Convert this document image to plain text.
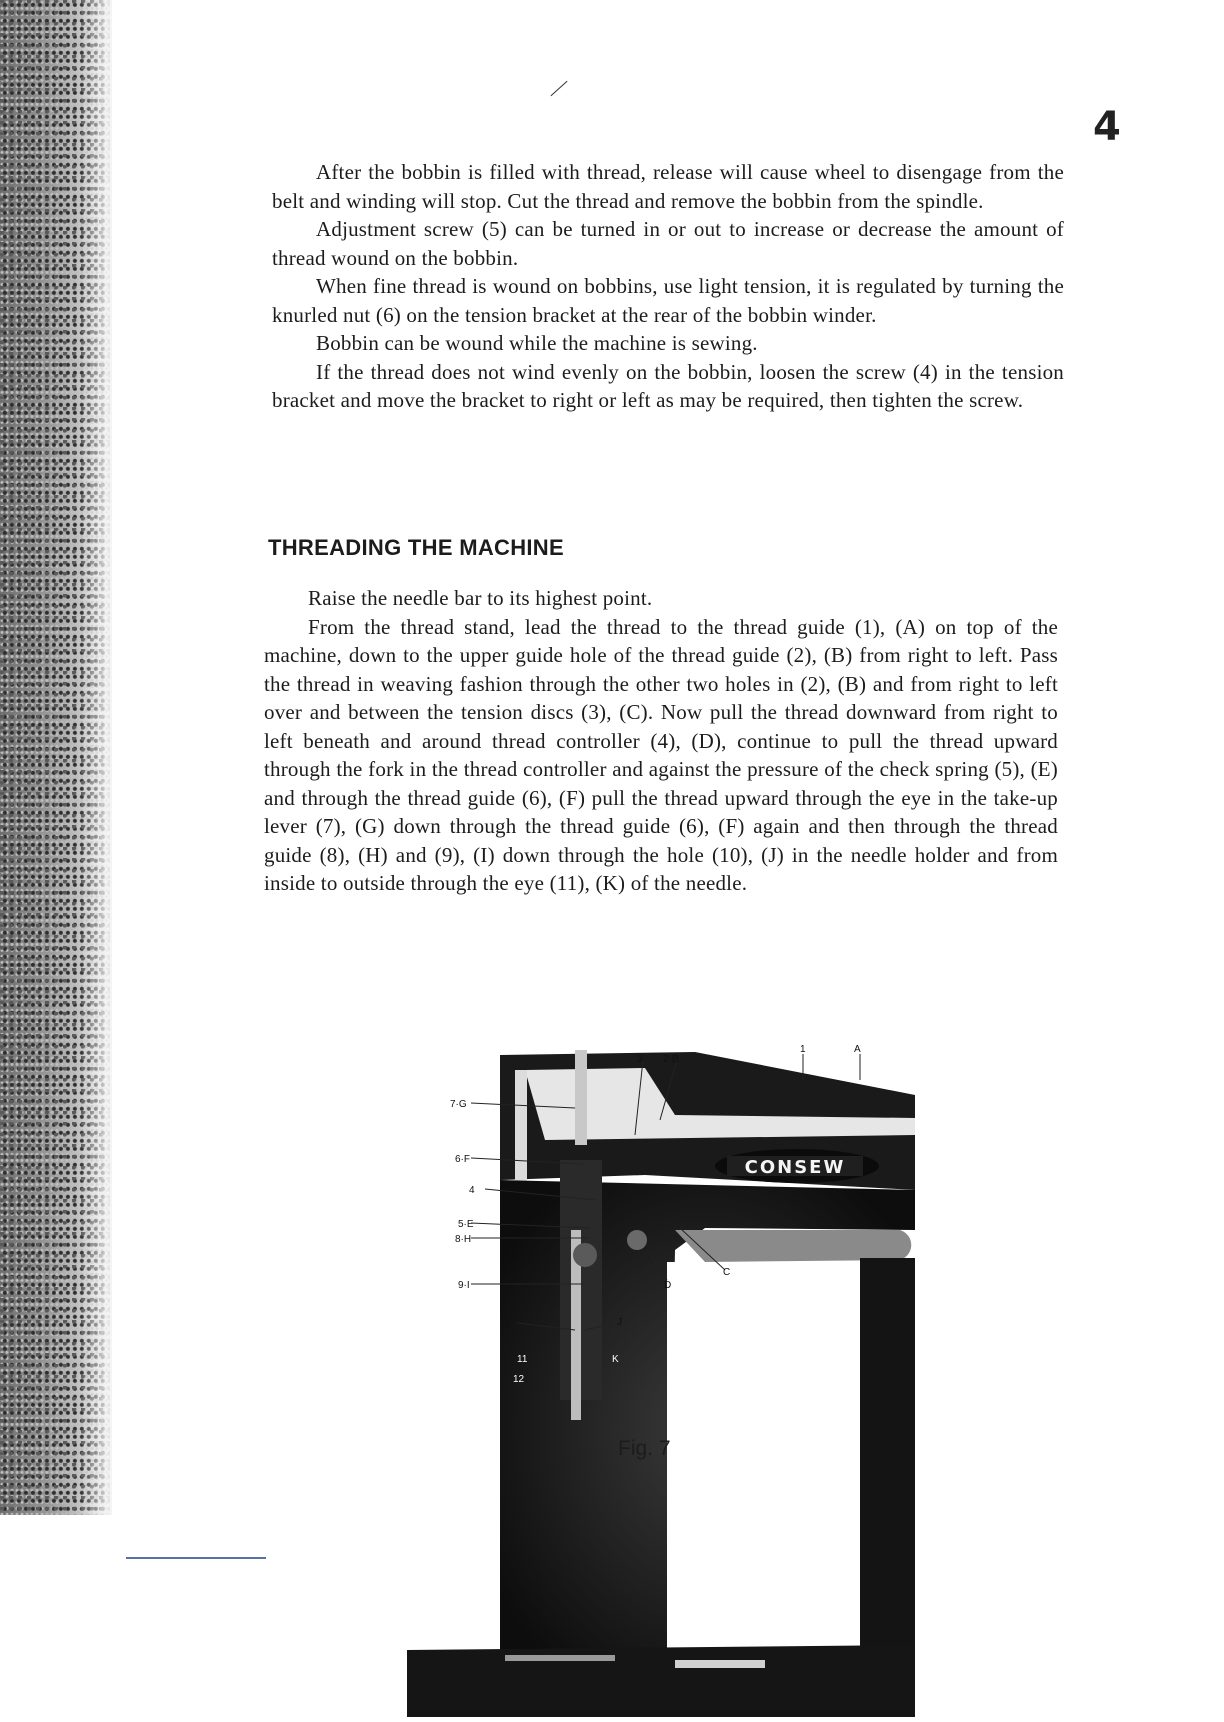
4

After the bobbin is filled with thread, release will cause wheel to disengage from the belt and winding will stop. Cut the thread and remove the bobbin from the spindle.

Adjustment screw (5) can be turned in or out to increase or decrease the amount of thread wound on the bobbin.

When fine thread is wound on bobbins, use light tension, it is regulated by turning the knurled nut (6) on the tension bracket at the rear of the bobbin winder.

Bobbin can be wound while the machine is sewing.

If the thread does not wind evenly on the bobbin, loosen the screw (4) in the tension bracket and move the bracket to right or left as may be required, then tighten the screw.

THREADING THE MACHINE

Raise the needle bar to its highest point.

From the thread stand, lead the thread to the thread guide (1), (A) on top of the machine, down to the upper guide hole of the thread guide (2), (B) from right to left. Pass the thread in weaving fashion through the other two holes in (2), (B) and from right to left over and between the tension discs (3), (C). Now pull the thread downward from right to left beneath and around thread controller (4), (D), continue to pull the thread upward through the fork in the thread controller and against the pressure of the check spring (5), (E) and through the thread guide (6), (F) pull the thread upward through the eye in the take-up lever (7), (G) down through the thread guide (6), (F) again and then through the thread guide (8), (H) and (9), (I) down through the hole (10), (J) in the needle holder and from inside to outside through the eye (11), (K) of the needle.

CONSEW
3 2·B
1	A
7·G
6·F
4
5·E
8·H
9·I
10	J
D
C
11	K
12
Fig. 7
